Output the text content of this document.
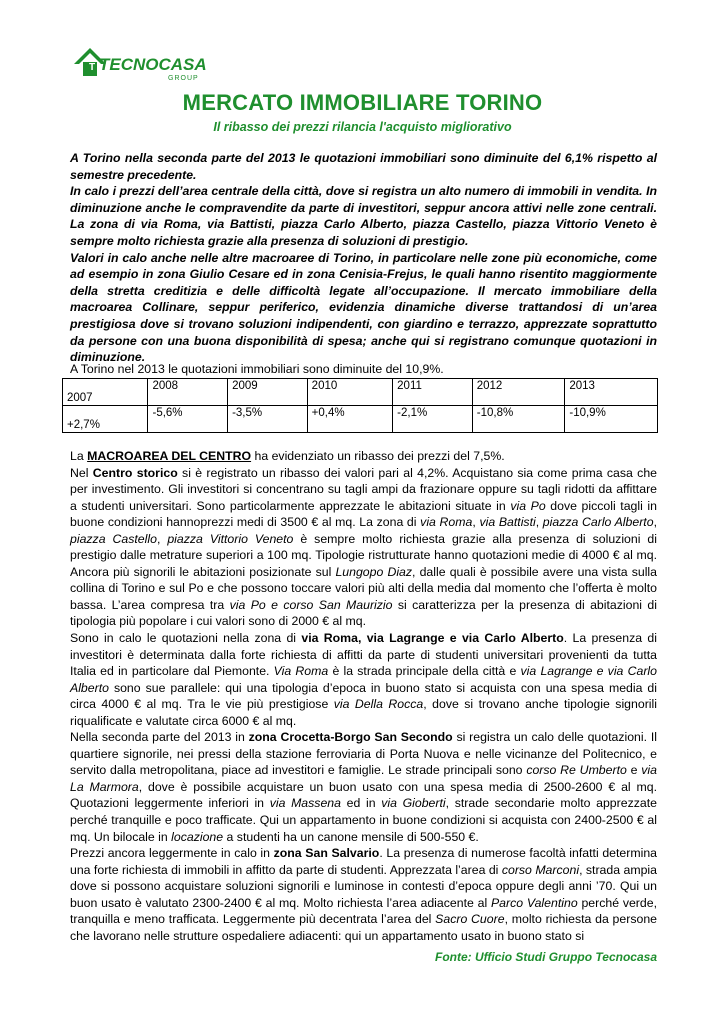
T TECNOCASA
GROUP
MERCATO IMMOBILIARE TORINO
Il ribasso dei prezzi rilancia l'acquisto migliorativo

A Torino nella seconda parte del 2013 le quotazioni immobiliari sono diminuite del 6,1% rispetto al semestre precedente.

In calo i prezzi dell’area centrale della città, dove si registra un alto numero di immobili in vendita. In diminuzione anche le compravendite da parte di investitori, seppur ancora attivi nelle zone centrali. La zona di via Roma, via Battisti, piazza Carlo Alberto, piazza Castello, piazza Vittorio Veneto è sempre molto richiesta grazie alla presenza di soluzioni di prestigio.

Valori in calo anche nelle altre macroaree di Torino, in particolare nelle zone più economiche, come ad esempio in zona Giulio Cesare ed in zona Cenisia-Frejus, le quali hanno risentito maggiormente della stretta creditizia e delle difficoltà legate all’occupazione. Il mercato immobiliare della macroarea Collinare, seppur periferico, evidenzia dinamiche diverse trattandosi di un’area prestigiosa dove si trovano soluzioni indipendenti, con giardino e terrazzo, apprezzate soprattutto da persone con una buona disponibilità di spesa; anche qui si registrano comunque quotazioni in diminuzione.

A Torino nel 2013 le quotazioni immobiliari sono diminuite del 10,9%.
2007	2008	2009	2010	2011	2012	2013
+2,7%	-5,6%	-3,5%	+0,4%	-2,1%	-10,8%	-10,9%

La MACROAREA DEL CENTRO ha evidenziato un ribasso dei prezzi del 7,5%.

Nel Centro storico si è registrato un ribasso dei valori pari al 4,2%. Acquistano sia come prima casa che per investimento. Gli investitori si concentrano su tagli ampi da frazionare oppure su tagli ridotti da affittare a studenti universitari. Sono particolarmente apprezzate le abitazioni situate in via Po dove piccoli tagli in buone condizioni hannoprezzi medi di 3500 € al mq. La zona di via Roma, via Battisti, piazza Carlo Alberto, piazza Castello, piazza Vittorio Veneto è sempre molto richiesta grazie alla presenza di soluzioni di prestigio dalle metrature superiori a 100 mq. Tipologie ristrutturate hanno quotazioni medie di 4000 € al mq. Ancora più signorili le abitazioni posizionate sul Lungopo Diaz, dalle quali è possibile avere una vista sulla collina di Torino e sul Po e che possono toccare valori più alti della media dal momento che l’offerta è molto bassa. L’area compresa tra via Po e corso San Maurizio si caratterizza per la presenza di abitazioni di tipologia più popolare i cui valori sono di 2000 € al mq.

Sono in calo le quotazioni nella zona di via Roma, via Lagrange e via Carlo Alberto. La presenza di investitori è determinata dalla forte richiesta di affitti da parte di studenti universitari provenienti da tutta Italia ed in particolare dal Piemonte. Via Roma è la strada principale della città e via Lagrange e via Carlo Alberto sono sue parallele: qui una tipologia d’epoca in buono stato si acquista con una spesa media di circa 4000 € al mq. Tra le vie più prestigiose via Della Rocca, dove si trovano anche tipologie signorili riqualificate e valutate circa 6000 € al mq.

Nella seconda parte del 2013 in zona Crocetta-Borgo San Secondo si registra un calo delle quotazioni. Il quartiere signorile, nei pressi della stazione ferroviaria di Porta Nuova e nelle vicinanze del Politecnico, e servito dalla metropolitana, piace ad investitori e famiglie. Le strade principali sono corso Re Umberto e via La Marmora, dove è possibile acquistare un buon usato con una spesa media di 2500-2600 € al mq. Quotazioni leggermente inferiori in via Massena ed in via Gioberti, strade secondarie molto apprezzate perché tranquille e poco trafficate. Qui un appartamento in buone condizioni si acquista con 2400-2500 € al mq. Un bilocale in locazione a studenti ha un canone mensile di 500-550 €.

Prezzi ancora leggermente in calo in zona San Salvario. La presenza di numerose facoltà infatti determina una forte richiesta di immobili in affitto da parte di studenti. Apprezzata l’area di corso Marconi, strada ampia dove si possono acquistare soluzioni signorili e luminose in contesti d’epoca oppure degli anni ’70. Qui un buon usato è valutato 2300-2400 € al mq. Molto richiesta l’area adiacente al Parco Valentino perché verde, tranquilla e meno trafficata. Leggermente più decentrata l’area del Sacro Cuore, molto richiesta da persone che lavorano nelle strutture ospedaliere adiacenti: qui un appartamento usato in buono stato si

Fonte: Ufficio Studi Gruppo Tecnocasa
